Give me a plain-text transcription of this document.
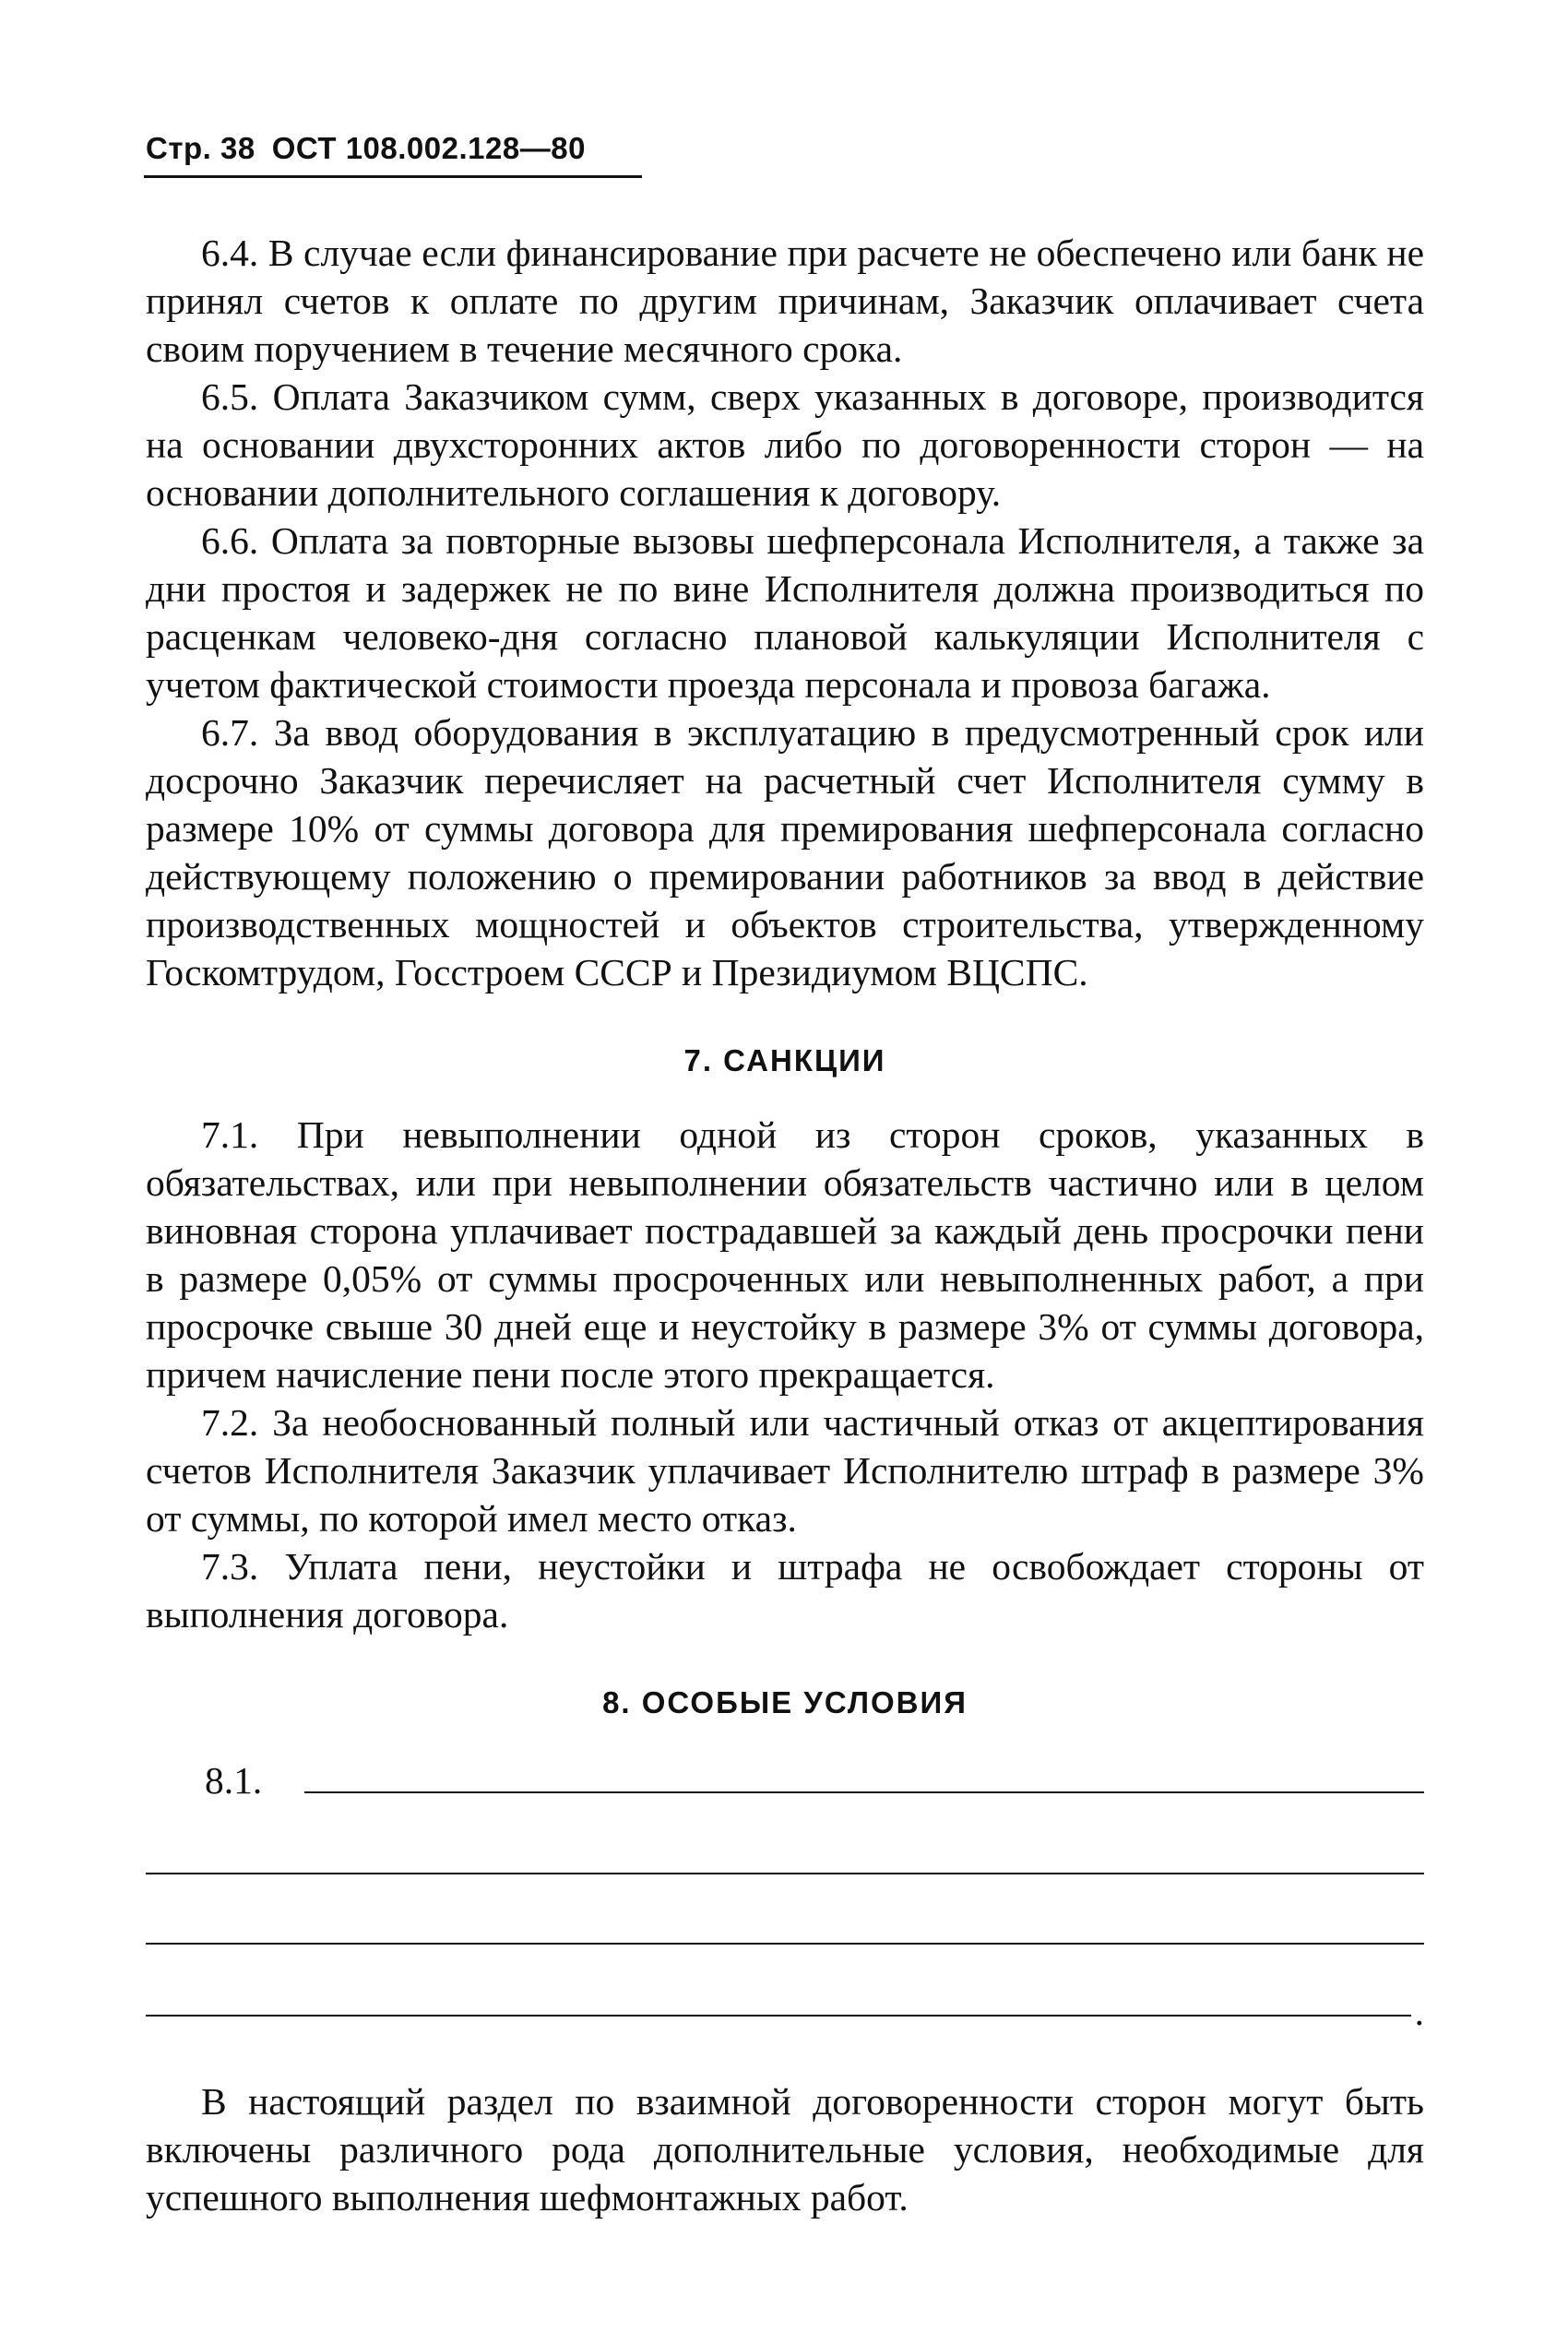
Стр. 38 ОСТ 108.002.128—80

6.4. В случае если финансирование при расчете не обеспечено или банк не принял счетов к оплате по другим причинам, Заказчик оплачивает счета своим поручением в течение месячного срока.

6.5. Оплата Заказчиком сумм, сверх указанных в договоре, производится на основании двухсторонних актов либо по договоренности сторон — на основании дополнительного соглашения к договору.

6.6. Оплата за повторные вызовы шефперсонала Исполнителя, а также за дни простоя и задержек не по вине Исполнителя должна производиться по расценкам человеко-дня согласно плановой калькуляции Исполнителя с учетом фактической стоимости проезда персонала и провоза багажа.

6.7. За ввод оборудования в эксплуатацию в предусмотренный срок или досрочно Заказчик перечисляет на расчетный счет Исполнителя сумму в размере 10% от суммы договора для премирования шефперсонала согласно действующему положению о премировании работников за ввод в действие производственных мощностей и объектов строительства, утвержденному Госкомтрудом, Госстроем СССР и Президиумом ВЦСПС.

7. САНКЦИИ

7.1. При невыполнении одной из сторон сроков, указанных в обязательствах, или при невыполнении обязательств частично или в целом виновная сторона уплачивает пострадавшей за каждый день просрочки пени в размере 0,05% от суммы просроченных или невыполненных работ, а при просрочке свыше 30 дней еще и неустойку в размере 3% от суммы договора, причем начисление пени после этого прекращается.

7.2. За необоснованный полный или частичный отказ от акцептирования счетов Исполнителя Заказчик уплачивает Исполнителю штраф в размере 3% от суммы, по которой имел место отказ.

7.3. Уплата пени, неустойки и штрафа не освобождает стороны от выполнения договора.

8. ОСОБЫЕ УСЛОВИЯ
8.1.
.

В настоящий раздел по взаимной договоренности сторон могут быть включены различного рода дополнительные условия, необходимые для успешного выполнения шефмонтажных работ.
